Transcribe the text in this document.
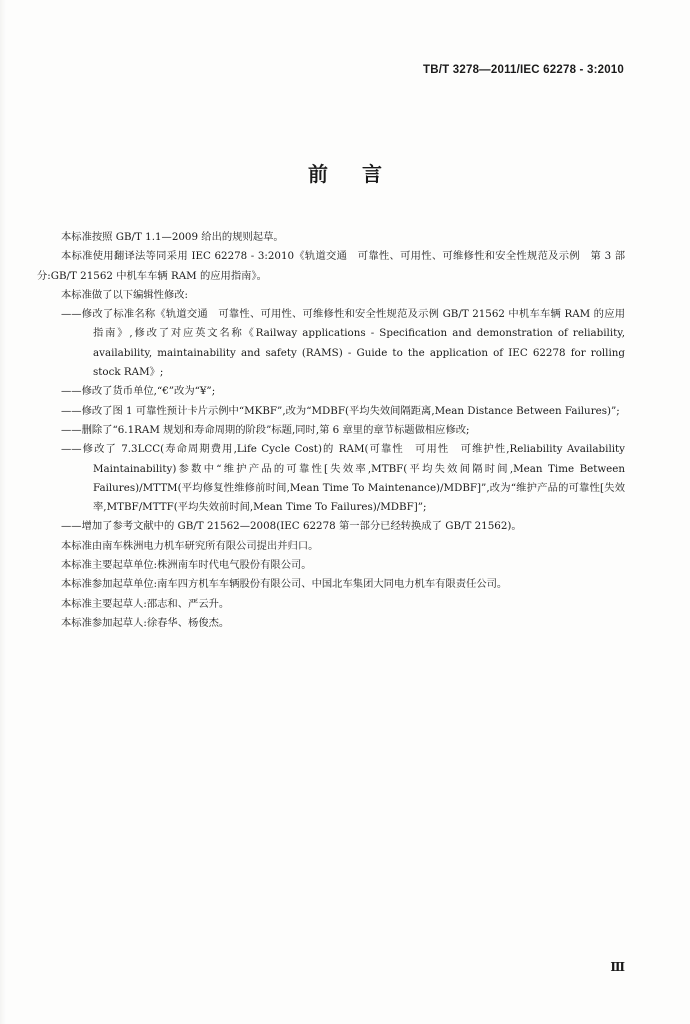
TB/T 3278—2011/IEC 62278 - 3:2010
前言

本标准按照 GB/T 1.1—2009 给出的规则起草。

本标准使用翻译法等同采用 IEC 62278 - 3:2010《轨道交通　可靠性、可用性、可维修性和安全性规范及示例　第 3 部分:GB/T 21562 中机车车辆 RAM 的应用指南》。

本标准做了以下编辑性修改:

——修改了标准名称《轨道交通　可靠性、可用性、可维修性和安全性规范及示例 GB/T 21562 中机车车辆 RAM 的应用指南》,修改了对应英文名称《Railway applications - Specification and demonstration of reliability, availability, maintainability and safety (RAMS) - Guide to the application of IEC 62278 for rolling stock RAM》;

——修改了货币单位,“€”改为“¥”;

——修改了图 1 可靠性预计卡片示例中“MKBF”,改为“MDBF(平均失效间隔距离,Mean Distance Between Failures)”;

——删除了“6.1RAM 规划和寿命周期的阶段”标题,同时,第 6 章里的章节标题做相应修改;

——修改了 7.3LCC(寿命周期费用,Life Cycle Cost)的 RAM(可靠性　可用性　可维护性,Reliability Availability Maintainability)参数中“维护产品的可靠性[失效率,MTBF(平均失效间隔时间,Mean Time Between Failures)/MTTM(平均修复性维修前时间,Mean Time To Maintenance)/MDBF]”,改为“维护产品的可靠性[失效率,MTBF/MTTF(平均失效前时间,Mean Time To Failures)/MDBF]”;

——增加了参考文献中的 GB/T 21562—2008(IEC 62278 第一部分已经转换成了 GB/T 21562)。

本标准由南车株洲电力机车研究所有限公司提出并归口。

本标准主要起草单位:株洲南车时代电气股份有限公司。

本标准参加起草单位:南车四方机车车辆股份有限公司、中国北车集团大同电力机车有限责任公司。

本标准主要起草人:邵志和、严云升。

本标准参加起草人:徐春华、杨俊杰。

Ⅲ
